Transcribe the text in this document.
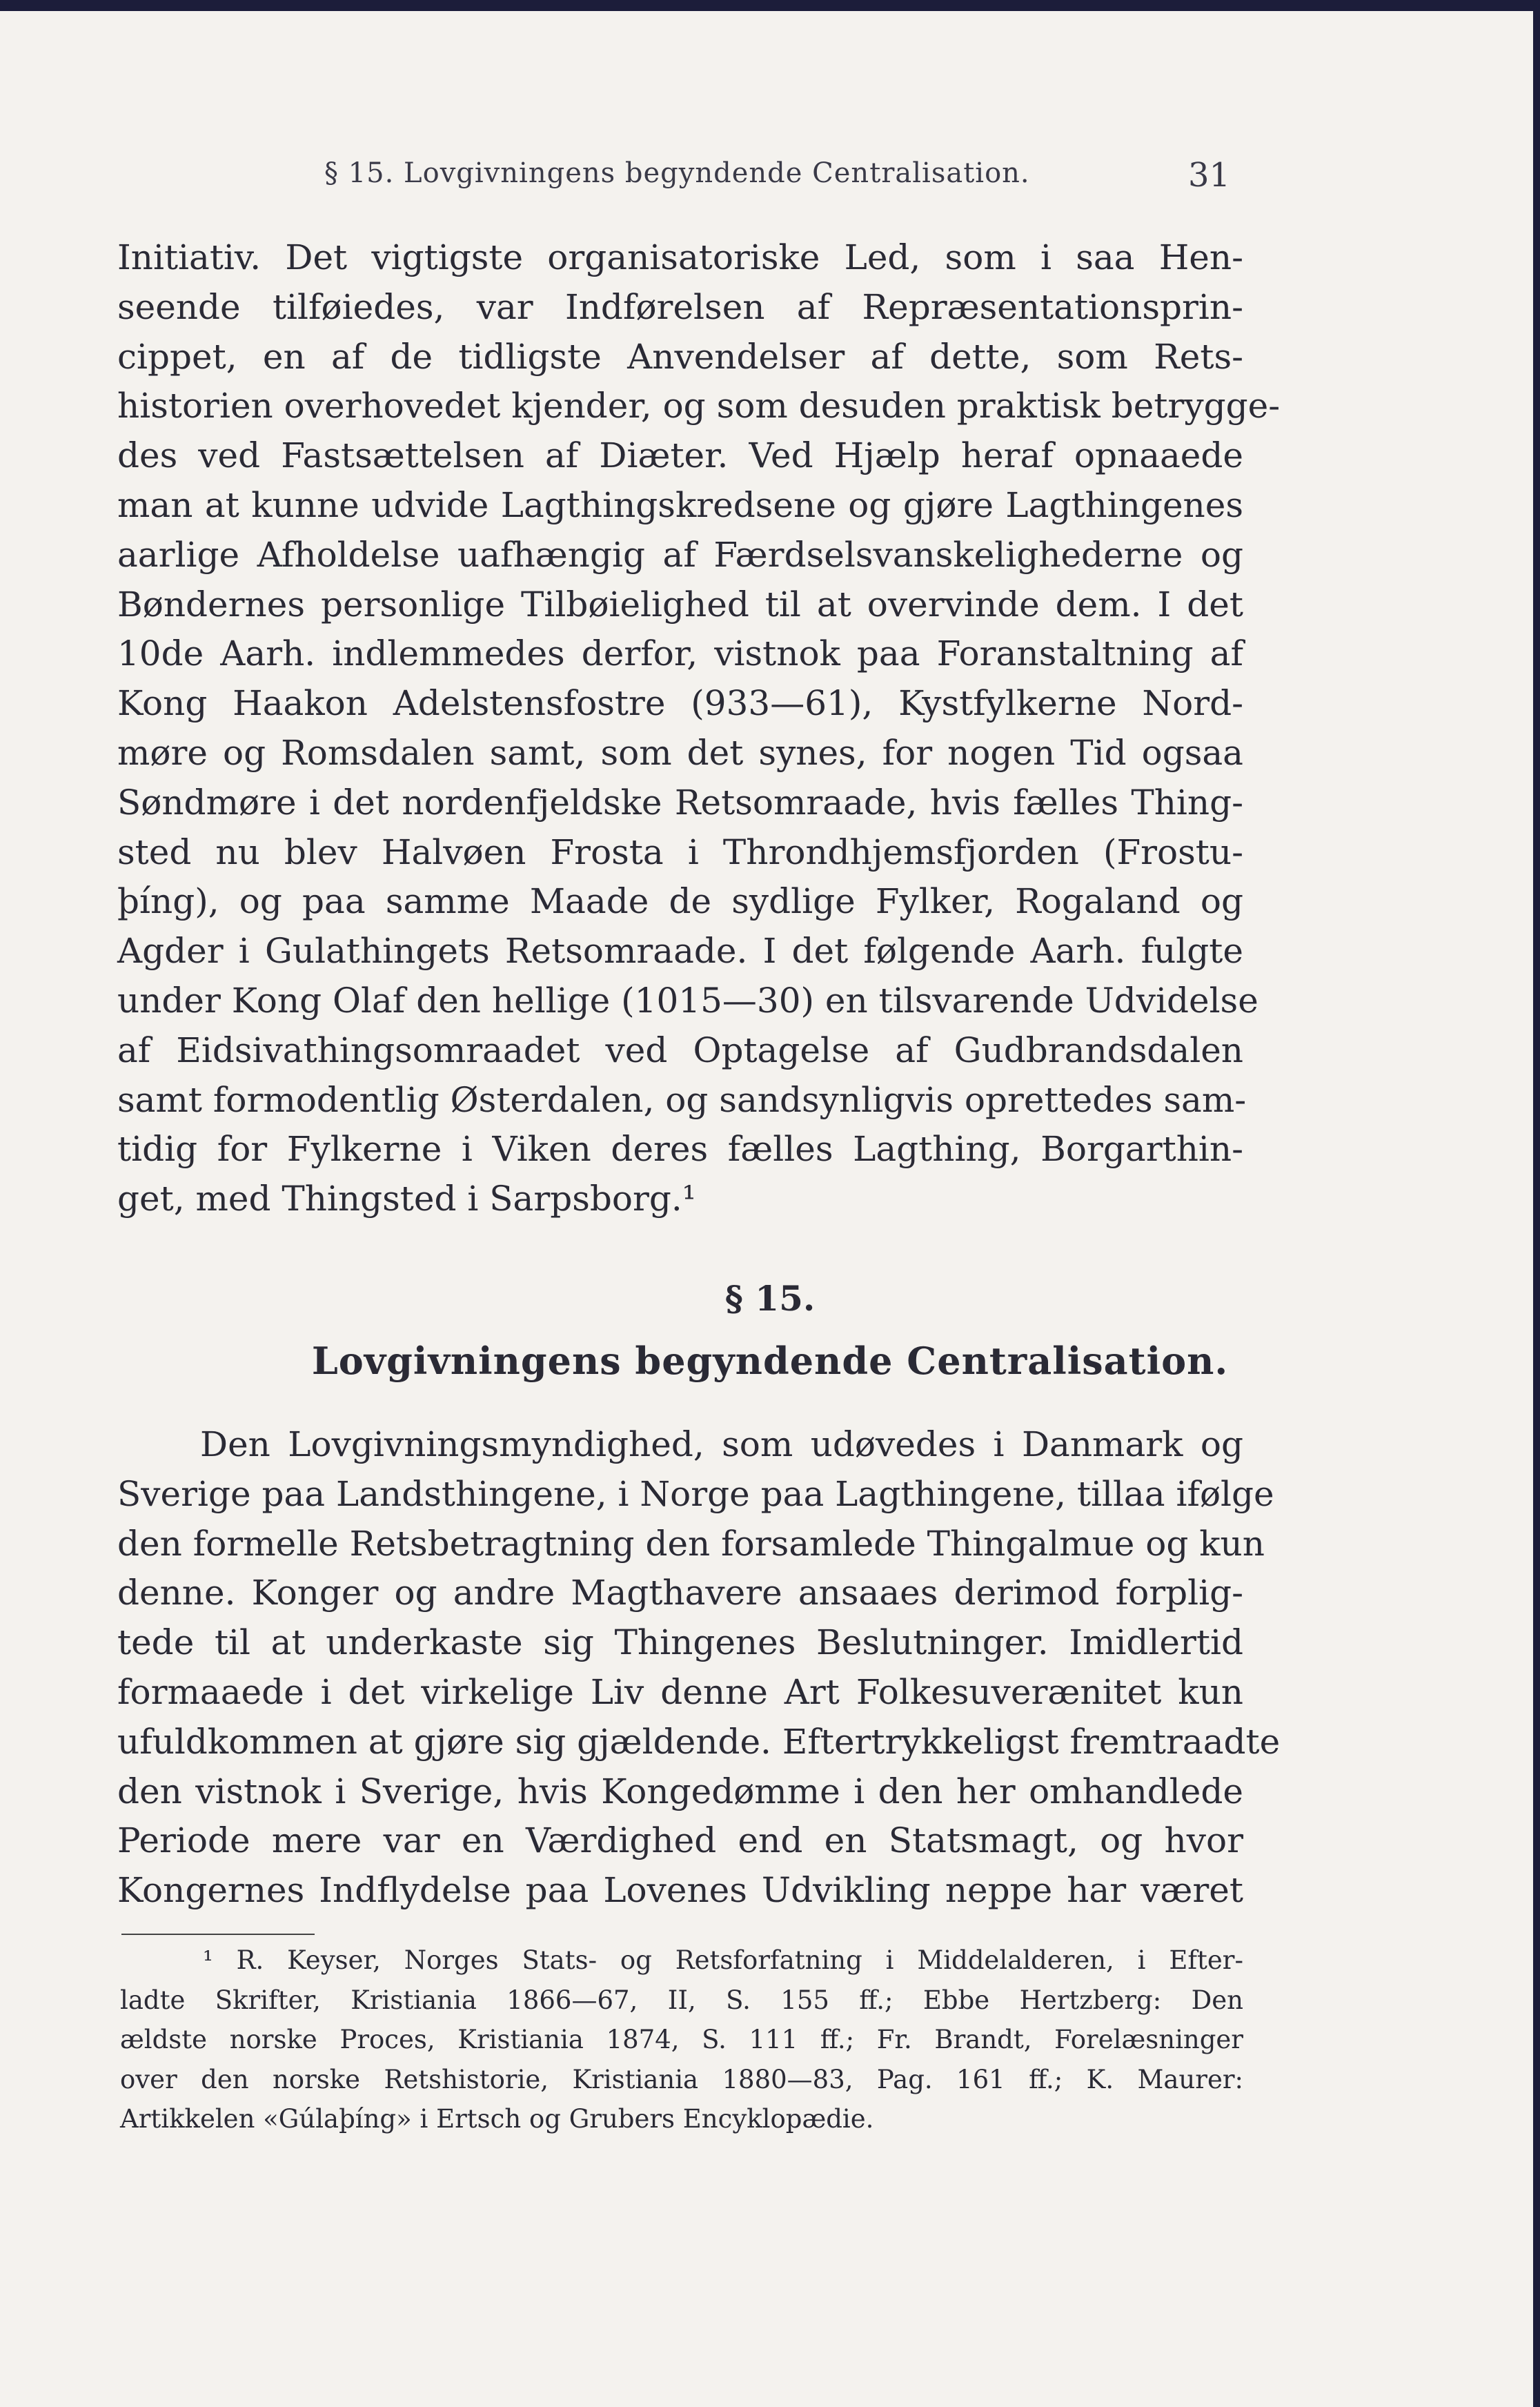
§ 15. Lovgivningens begyndende Centralisation.	31
Initiativ. Det vigtigste organisatoriske Led, som i saa Hen-
seende tilføiedes, var Indførelsen af Repræsentationsprin-
cippet, en af de tidligste Anvendelser af dette, som Rets-
historien overhovedet kjender, og som desuden praktisk betrygge-
des ved Fastsættelsen af Diæter. Ved Hjælp heraf opnaaede
man at kunne udvide Lagthingskredsene og gjøre Lagthingenes
aarlige Afholdelse uafhængig af Færdselsvanskelighederne og
Bøndernes personlige Tilbøielighed til at overvinde dem. I det
10de Aarh. indlemmedes derfor, vistnok paa Foranstaltning af
Kong Haakon Adelstensfostre (933—61), Kystfylkerne Nord-
møre og Romsdalen samt, som det synes, for nogen Tid ogsaa
Søndmøre i det nordenfjeldske Retsomraade, hvis fælles Thing-
sted nu blev Halvøen Frosta i Throndhjemsfjorden (Frostu-
þíng), og paa samme Maade de sydlige Fylker, Rogaland og
Agder i Gulathingets Retsomraade. I det følgende Aarh. fulgte
under Kong Olaf den hellige (1015—30) en tilsvarende Udvidelse
af Eidsivathingsomraadet ved Optagelse af Gudbrandsdalen
samt formodentlig Østerdalen, og sandsynligvis oprettedes sam-
tidig for Fylkerne i Viken deres fælles Lagthing, Borgarthin-
get, med Thingsted i Sarpsborg.¹
§ 15.
Lovgivningens begyndende Centralisation.
Den Lovgivningsmyndighed, som udøvedes i Danmark og
Sverige paa Landsthingene, i Norge paa Lagthingene, tillaa ifølge
den formelle Retsbetragtning den forsamlede Thingalmue og kun
denne. Konger og andre Magthavere ansaaes derimod forplig-
tede til at underkaste sig Thingenes Beslutninger. Imidlertid
formaaede i det virkelige Liv denne Art Folkesuverænitet kun
ufuldkommen at gjøre sig gjældende. Eftertrykkeligst fremtraadte
den vistnok i Sverige, hvis Kongedømme i den her omhandlede
Periode mere var en Værdighed end en Statsmagt, og hvor
Kongernes Indflydelse paa Lovenes Udvikling neppe har været
¹ R. Keyser, Norges Stats- og Retsforfatning i Middelalderen, i Efter-
ladte Skrifter, Kristiania 1866—67, II, S. 155 ff.; Ebbe Hertzberg: Den
ældste norske Proces, Kristiania 1874, S. 111 ff.; Fr. Brandt, Forelæsninger
over den norske Retshistorie, Kristiania 1880—83, Pag. 161 ff.; K. Maurer:
Artikkelen «Gúlaþíng» i Ertsch og Grubers Encyklopædie.
